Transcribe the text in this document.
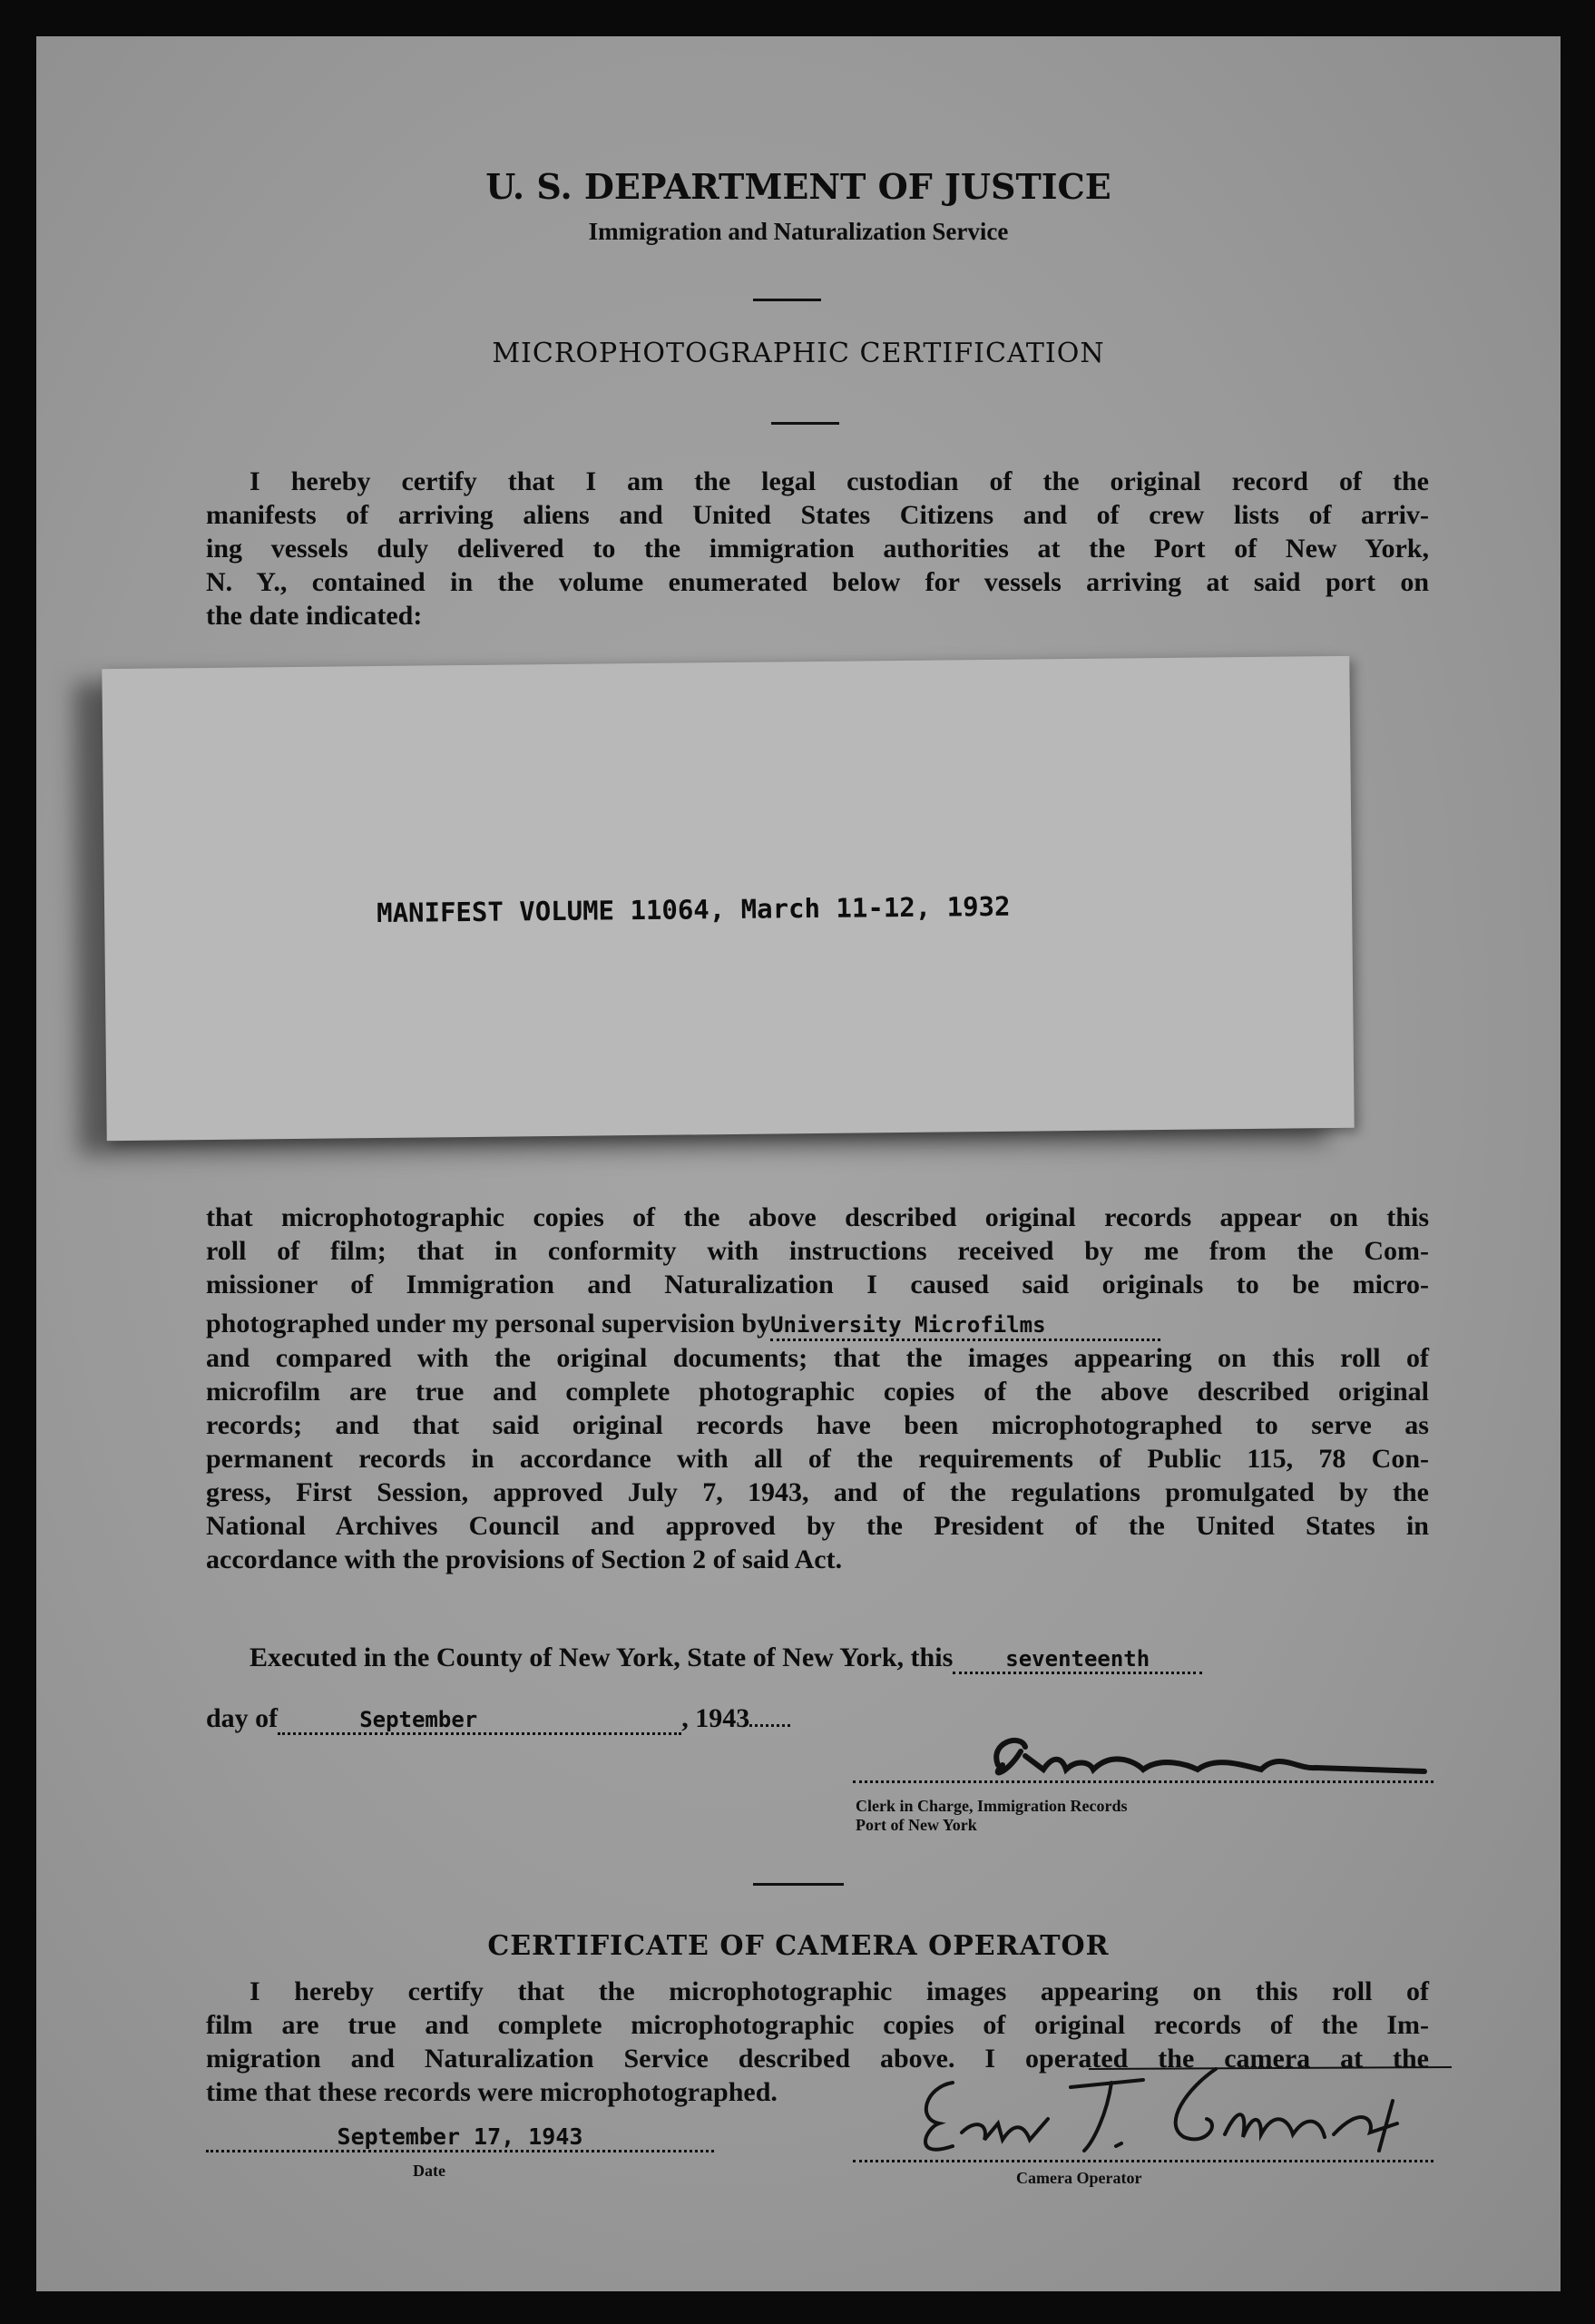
U. S. DEPARTMENT OF JUSTICE
Immigration and Naturalization Service
MICROPHOTOGRAPHIC CERTIFICATION
I hereby certify that I am the legal custodian of the original record of the
manifests of arriving aliens and United States Citizens and of crew lists of arriv-
ing vessels duly delivered to the immigration authorities at the Port of New York,
N. Y., contained in the volume enumerated below for vessels arriving at said port on
the date indicated:
MANIFEST VOLUME 11064, March 11-12, 1932
that microphotographic copies of the above described original records appear on this
roll of film; that in conformity with instructions received by me from the Com-
missioner of Immigration and Naturalization I caused said originals to be micro-
photographed under my personal supervision byUniversity Microfilms
and compared with the original documents; that the images appearing on this roll of
microfilm are true and complete photographic copies of the above described original
records; and that said original records have been microphotographed to serve as
permanent records in accordance with all of the requirements of Public 115, 78 Con-
gress, First Session, approved July 7, 1943, and of the regulations promulgated by the
National Archives Council and approved by the President of the United States in
accordance with the provisions of Section 2 of said Act.
Executed in the County of New York, State of New York, this seventeenth
day of	September	, 1943
Clerk in Charge, Immigration Records
Port of New York
CERTIFICATE OF CAMERA OPERATOR
I hereby certify that the microphotographic images appearing on this roll of
film are true and complete microphotographic copies of original records of the Im-
migration and Naturalization Service described above. I operated the camera at the
time that these records were microphotographed.
September 17, 1943
Date	Camera Operator
